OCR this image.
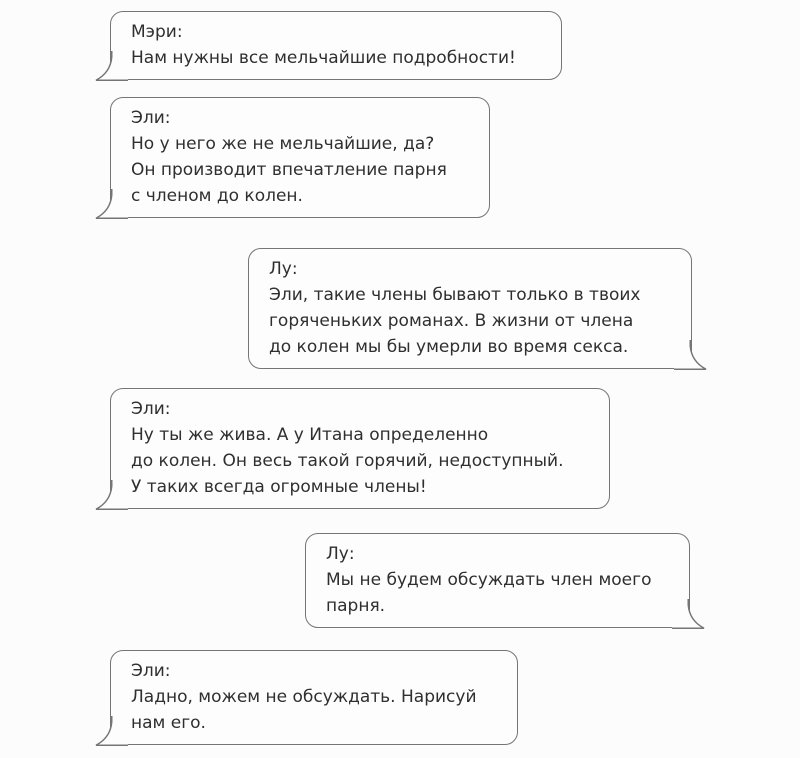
Мэри:
Нам нужны все мельчайшие подробности!
Эли:
Но у него же не мельчайшие, да?
Он производит впечатление парня
с членом до колен.
Лу:
Эли, такие члены бывают только в твоих
горяченьких романах. В жизни от члена
до колен мы бы умерли во время секса.
Эли:
Ну ты же жива. А у Итана определенно
до колен. Он весь такой горячий, недоступный.
У таких всегда огромные члены!
Лу:
Мы не будем обсуждать член моего
парня.
Эли:
Ладно, можем не обсуждать. Нарисуй
нам его.
